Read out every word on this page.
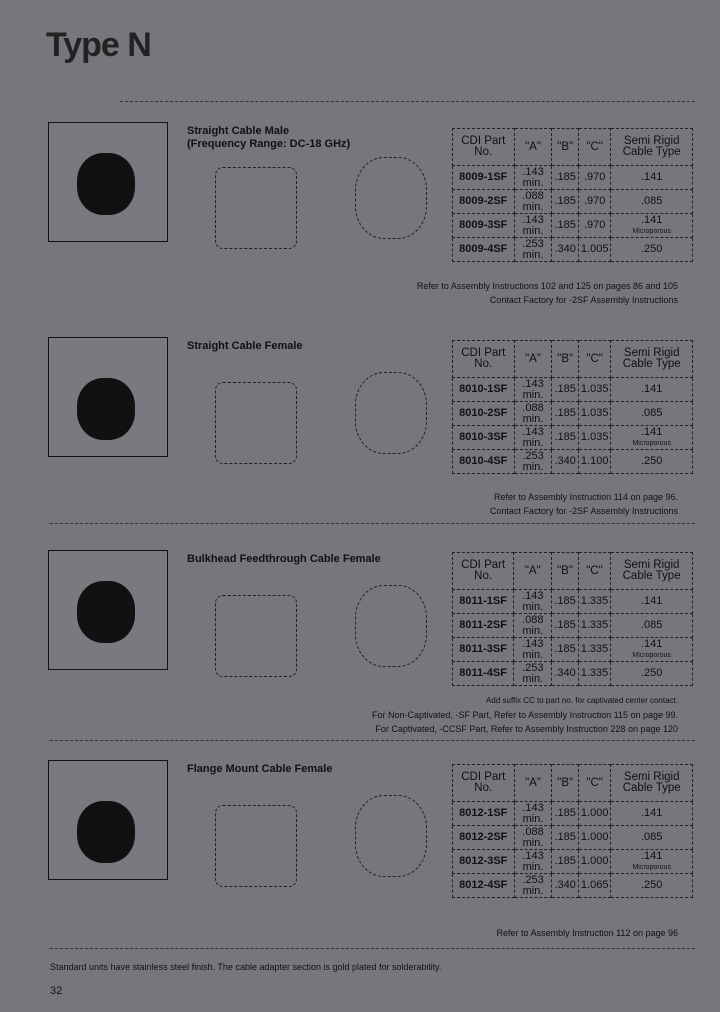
Type N
Straight Cable Male
(Frequency Range: DC-18 GHz)	CDI Part No.	"A"	"B"	"C"	Semi Rigid Cable Type
8009-1SF	.143 min.	.185	.970	.141
8009-2SF	.088 min.	.185	.970	.085
8009-3SF	.143 min.	.185	.970	.141
Microporous

8009-4SF	.253 min.	.340	1.005	.250
Refer to Assembly Instructions 102 and 125 on pages 86 and 105
Contact Factory for -2SF Assembly Instructions
Straight Cable Female

CDI Part No.	"A"	"B"	"C"	Semi Rigid Cable Type
8010-1SF	.143 min.	.185	1.035	.141
8010-2SF	.088 min.	.185	1.035	.085
8010-3SF	.143 min.	.185	1.035	.141
Microporous

8010-4SF	.253 min.	.340	1.100	.250
Refer to Assembly Instruction 114 on page 96.
Contact Factory for -2SF Assembly Instructions
Bulkhead Feedthrough Cable Female	CDI Part No.	"A"	"B"	"C"	Semi Rigid Cable Type
8011-1SF	.143 min.	.185	1.335	.141
8011-2SF	.088 min.	.185	1.335	.085
8011-3SF	.143 min.	.185	1.335	.141
Microporous

8011-4SF	.253 min.	.340	1.335	.250
Add suffix CC to part no. for captivated center contact.
For Non-Captivated, -SF Part, Refer to Assembly Instruction 115 on page 99.
For Captivated, -CCSF Part, Refer to Assembly Instruction 228 on page 120
Flange Mount Cable Female

CDI Part No.	"A"	"B"	"C"	Semi Rigid Cable Type
8012-1SF	.143 min.	.185	1.000	.141
8012-2SF	.088 min.	.185	1.000	.085
8012-3SF	.143 min.	.185	1.000	.141
Microporous

8012-4SF	.253 min.	.340	1.065	.250
Refer to Assembly Instruction 112 on page 96
Standard units have stainless steel finish. The cable adapter section is gold plated for solderability.
32
